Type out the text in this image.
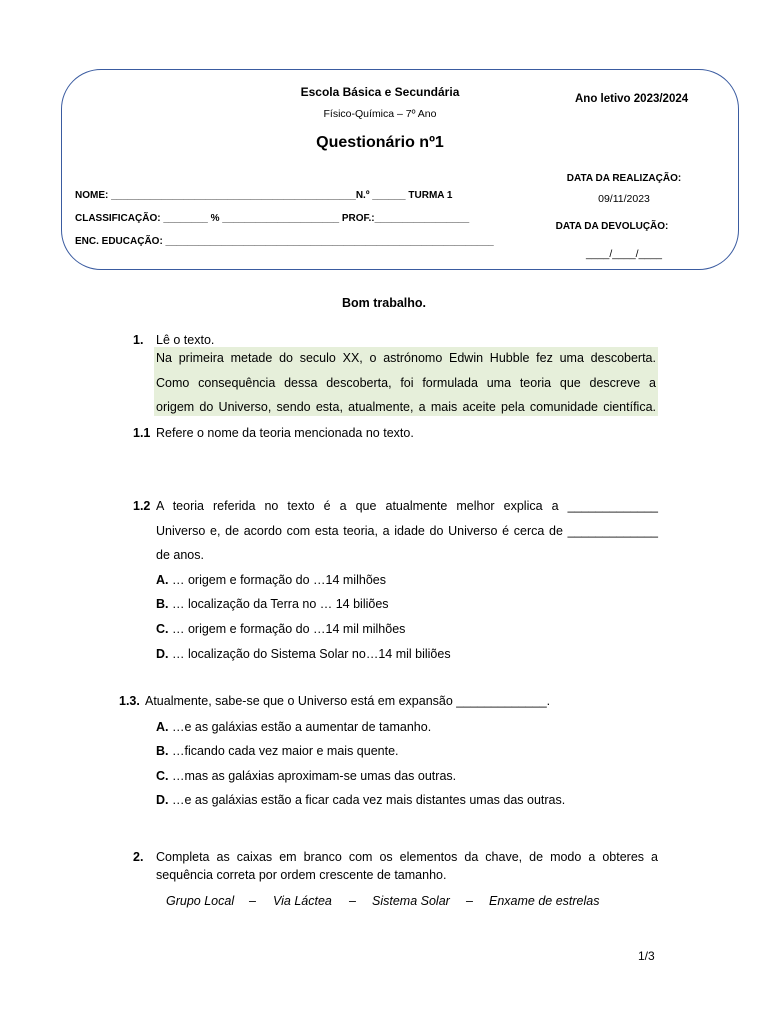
Escola Básica e Secundária
Físico-Química – 7º Ano
Questionário nº1
Ano letivo 2023/2024
NOME: ____________________________________________N.º ______ TURMA 1
CLASSIFICAÇÃO: ________ % _____________________ PROF.:_________________
ENC. EDUCAÇÃO: ___________________________________________________________
DATA DA REALIZAÇÃO:
09/11/2023
DATA DA DEVOLUÇÃO:
____/____/____
Bom trabalho.
1. Lê o texto.
Na primeira metade do seculo XX, o astrónomo Edwin Hubble fez uma descoberta.
Como consequência dessa descoberta, foi formulada uma teoria que descreve a
origem do Universo, sendo esta, atualmente, a mais aceite pela comunidade científica.
1.1 Refere o nome da teoria mencionada no texto.
1.2 A teoria referida no texto é a que atualmente melhor explica a _____________
Universo e, de acordo com esta teoria, a idade do Universo é cerca de _____________
de anos.
A. … origem e formação do …14 milhões
B. … localização da Terra no … 14 biliões
C. … origem e formação do …14 mil milhões
D. … localização do Sistema Solar no…14 mil biliões
1.3. Atualmente, sabe-se que o Universo está em expansão _____________.
A. …e as galáxias estão a aumentar de tamanho.
B. …ficando cada vez maior e mais quente.
C. …mas as galáxias aproximam-se umas das outras.
D. …e as galáxias estão a ficar cada vez mais distantes umas das outras.
2. Completa as caixas em branco com os elementos da chave, de modo a obteres a
sequência correta por ordem crescente de tamanho.
Grupo Local – Via Láctea – Sistema Solar – Enxame de estrelas
1/3
